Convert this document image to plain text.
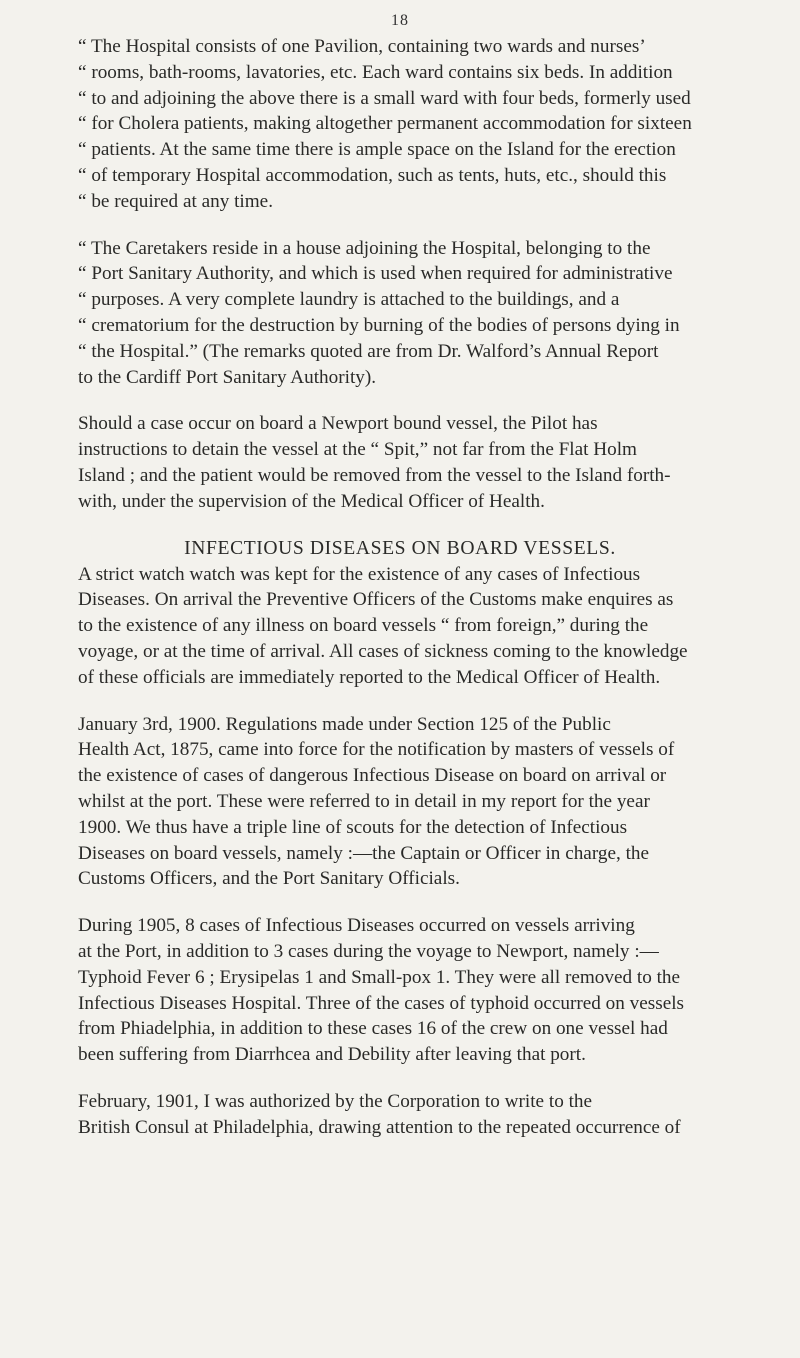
18
“ The Hospital consists of one Pavilion, containing two wards and nurses’
“ rooms, bath-rooms, lavatories, etc. Each ward contains six beds. In addition
“ to and adjoining the above there is a small ward with four beds, formerly used
“ for Cholera patients, making altogether permanent accommodation for sixteen
“ patients. At the same time there is ample space on the Island for the erection
“ of temporary Hospital accommodation, such as tents, huts, etc., should this
“ be required at any time.
“ The Caretakers reside in a house adjoining the Hospital, belonging to the
“ Port Sanitary Authority, and which is used when required for administrative
“ purposes. A very complete laundry is attached to the buildings, and a
“ crematorium for the destruction by burning of the bodies of persons dying in
“ the Hospital.” (The remarks quoted are from Dr. Walford’s Annual Report
to the Cardiff Port Sanitary Authority).
Should a case occur on board a Newport bound vessel, the Pilot has
instructions to detain the vessel at the “ Spit,” not far from the Flat Holm
Island ; and the patient would be removed from the vessel to the Island forth-
with, under the supervision of the Medical Officer of Health.
INFECTIOUS DISEASES ON BOARD VESSELS.
A strict watch watch was kept for the existence of any cases of Infectious
Diseases. On arrival the Preventive Officers of the Customs make enquires as
to the existence of any illness on board vessels “ from foreign,” during the
voyage, or at the time of arrival. All cases of sickness coming to the knowledge
of these officials are immediately reported to the Medical Officer of Health.
January 3rd, 1900. Regulations made under Section 125 of the Public
Health Act, 1875, came into force for the notification by masters of vessels of
the existence of cases of dangerous Infectious Disease on board on arrival or
whilst at the port. These were referred to in detail in my report for the year
1900. We thus have a triple line of scouts for the detection of Infectious
Diseases on board vessels, namely :—the Captain or Officer in charge, the
Customs Officers, and the Port Sanitary Officials.
During 1905, 8 cases of Infectious Diseases occurred on vessels arriving
at the Port, in addition to 3 cases during the voyage to Newport, namely :—
Typhoid Fever 6 ; Erysipelas 1 and Small-pox 1. They were all removed to the
Infectious Diseases Hospital. Three of the cases of typhoid occurred on vessels
from Phiadelphia, in addition to these cases 16 of the crew on one vessel had
been suffering from Diarrhcea and Debility after leaving that port.
February, 1901, I was authorized by the Corporation to write to the
British Consul at Philadelphia, drawing attention to the repeated occurrence of
